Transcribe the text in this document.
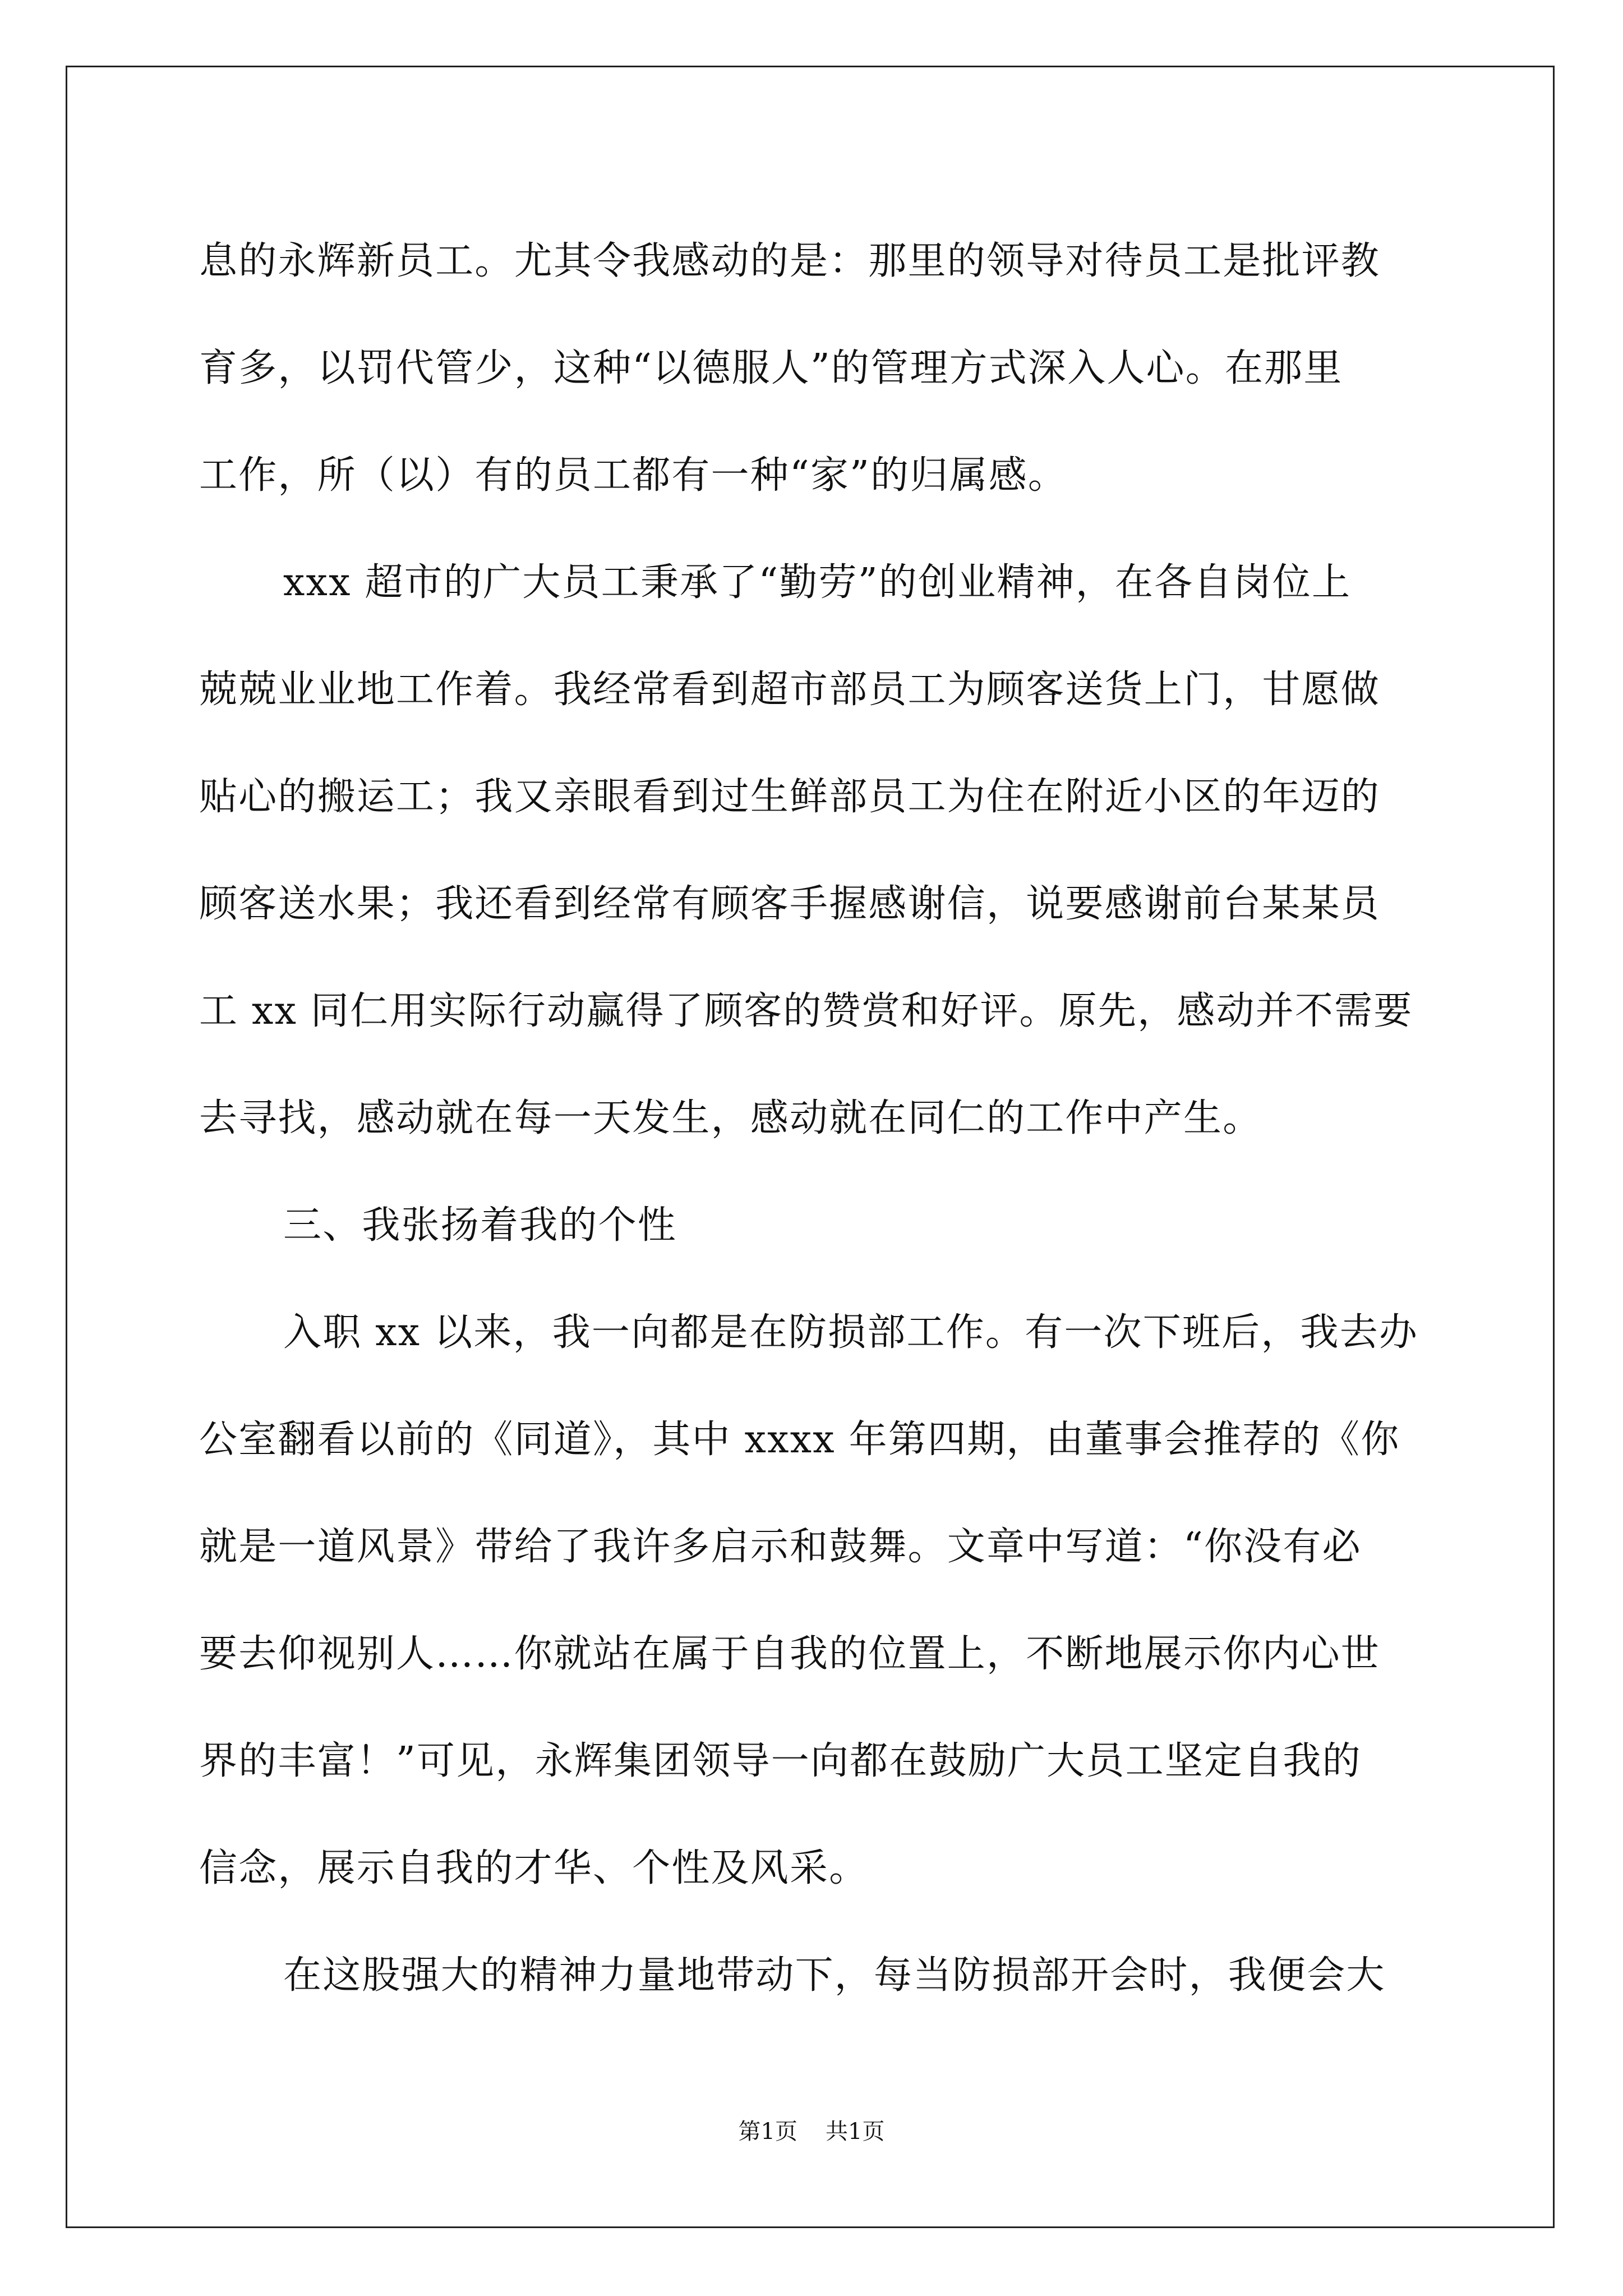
息的永辉新员工。尤其令我感动的是：那里的领导对待员工是批评教
育多，以罚代管少，这种“以德服人”的管理方式深入人心。在那里
工作，所（以）有的员工都有一种“家”的归属感。
xxx 超市的广大员工秉承了“勤劳”的创业精神，在各自岗位上
兢兢业业地工作着。我经常看到超市部员工为顾客送货上门，甘愿做
贴心的搬运工；我又亲眼看到过生鲜部员工为住在附近小区的年迈的
顾客送水果；我还看到经常有顾客手握感谢信，说要感谢前台某某员
工 xx 同仁用实际行动赢得了顾客的赞赏和好评。原先，感动并不需要
去寻找，感动就在每一天发生，感动就在同仁的工作中产生。
三、我张扬着我的个性
入职 xx 以来，我一向都是在防损部工作。有一次下班后，我去办
公室翻看以前的《同道》，其中 xxxx 年第四期，由董事会推荐的《你
就是一道风景》带给了我许多启示和鼓舞。文章中写道：“你没有必
要去仰视别人……你就站在属于自我的位置上，不断地展示你内心世
界的丰富！”可见，永辉集团领导一向都在鼓励广大员工坚定自我的
信念，展示自我的才华、个性及风采。
在这股强大的精神力量地带动下，每当防损部开会时，我便会大
第1页 共1页
